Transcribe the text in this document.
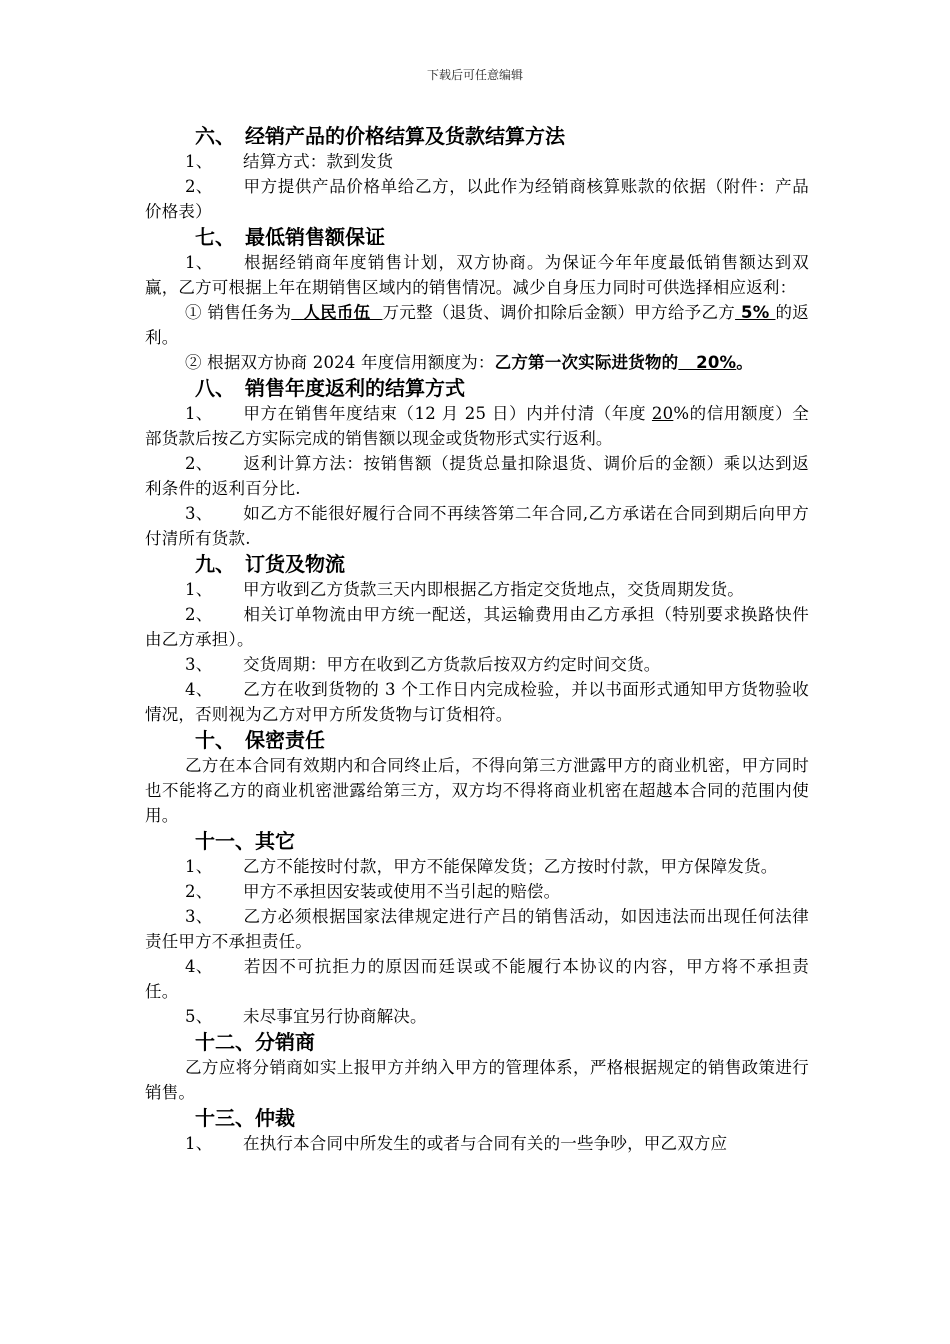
下载后可任意编辑

六、 经销产品的价格结算及货款结算方法

1、 结算方式：款到发货

2、 甲方提供产品价格单给乙方，以此作为经销商核算账款的依据（附件：产品价格表）

七、 最低销售额保证

1、 根据经销商年度销售计划，双方协商。为保证今年年度最低销售额达到双赢，乙方可根据上年在期销售区域内的销售情况。减少自身压力同时可供选择相应返利：

① 销售任务为  人民币伍  万元整（退货、调价扣除后金额）甲方给予乙方 5% 的返利。

② 根据双方协商 2024 年度信用额度为：乙方第一次实际进货物的   20%。

八、 销售年度返利的结算方式

1、 甲方在销售年度结束（12 月 25 日）内并付清（年度 20%的信用额度）全部货款后按乙方实际完成的销售额以现金或货物形式实行返利。

2、 返利计算方法：按销售额（提货总量扣除退货、调价后的金额）乘以达到返利条件的返利百分比.

3、 如乙方不能很好履行合同不再续答第二年合同,乙方承诺在合同到期后向甲方付清所有货款.

九、 订货及物流

1、 甲方收到乙方货款三天内即根据乙方指定交货地点，交货周期发货。

2、 相关订单物流由甲方统一配送，其运输费用由乙方承担（特别要求换路快件由乙方承担）。

3、 交货周期：甲方在收到乙方货款后按双方约定时间交货。

4、 乙方在收到货物的 3 个工作日内完成检验，并以书面形式通知甲方货物验收情况，否则视为乙方对甲方所发货物与订货相符。

十、 保密责任

乙方在本合同有效期内和合同终止后，不得向第三方泄露甲方的商业机密，甲方同时也不能将乙方的商业机密泄露给第三方，双方均不得将商业机密在超越本合同的范围内使用。

十一、其它

1、 乙方不能按时付款，甲方不能保障发货；乙方按时付款，甲方保障发货。

2、 甲方不承担因安装或使用不当引起的赔偿。

3、 乙方必须根据国家法律规定进行产吕的销售活动，如因违法而出现任何法律责任甲方不承担责任。

4、 若因不可抗拒力的原因而廷误或不能履行本协议的内容，甲方将不承担责任。

5、 未尽事宜另行协商解决。

十二、分销商

乙方应将分销商如实上报甲方并纳入甲方的管理体系，严格根据规定的销售政策进行销售。

十三、仲裁

1、 在执行本合同中所发生的或者与合同有关的一些争吵，甲乙双方应
